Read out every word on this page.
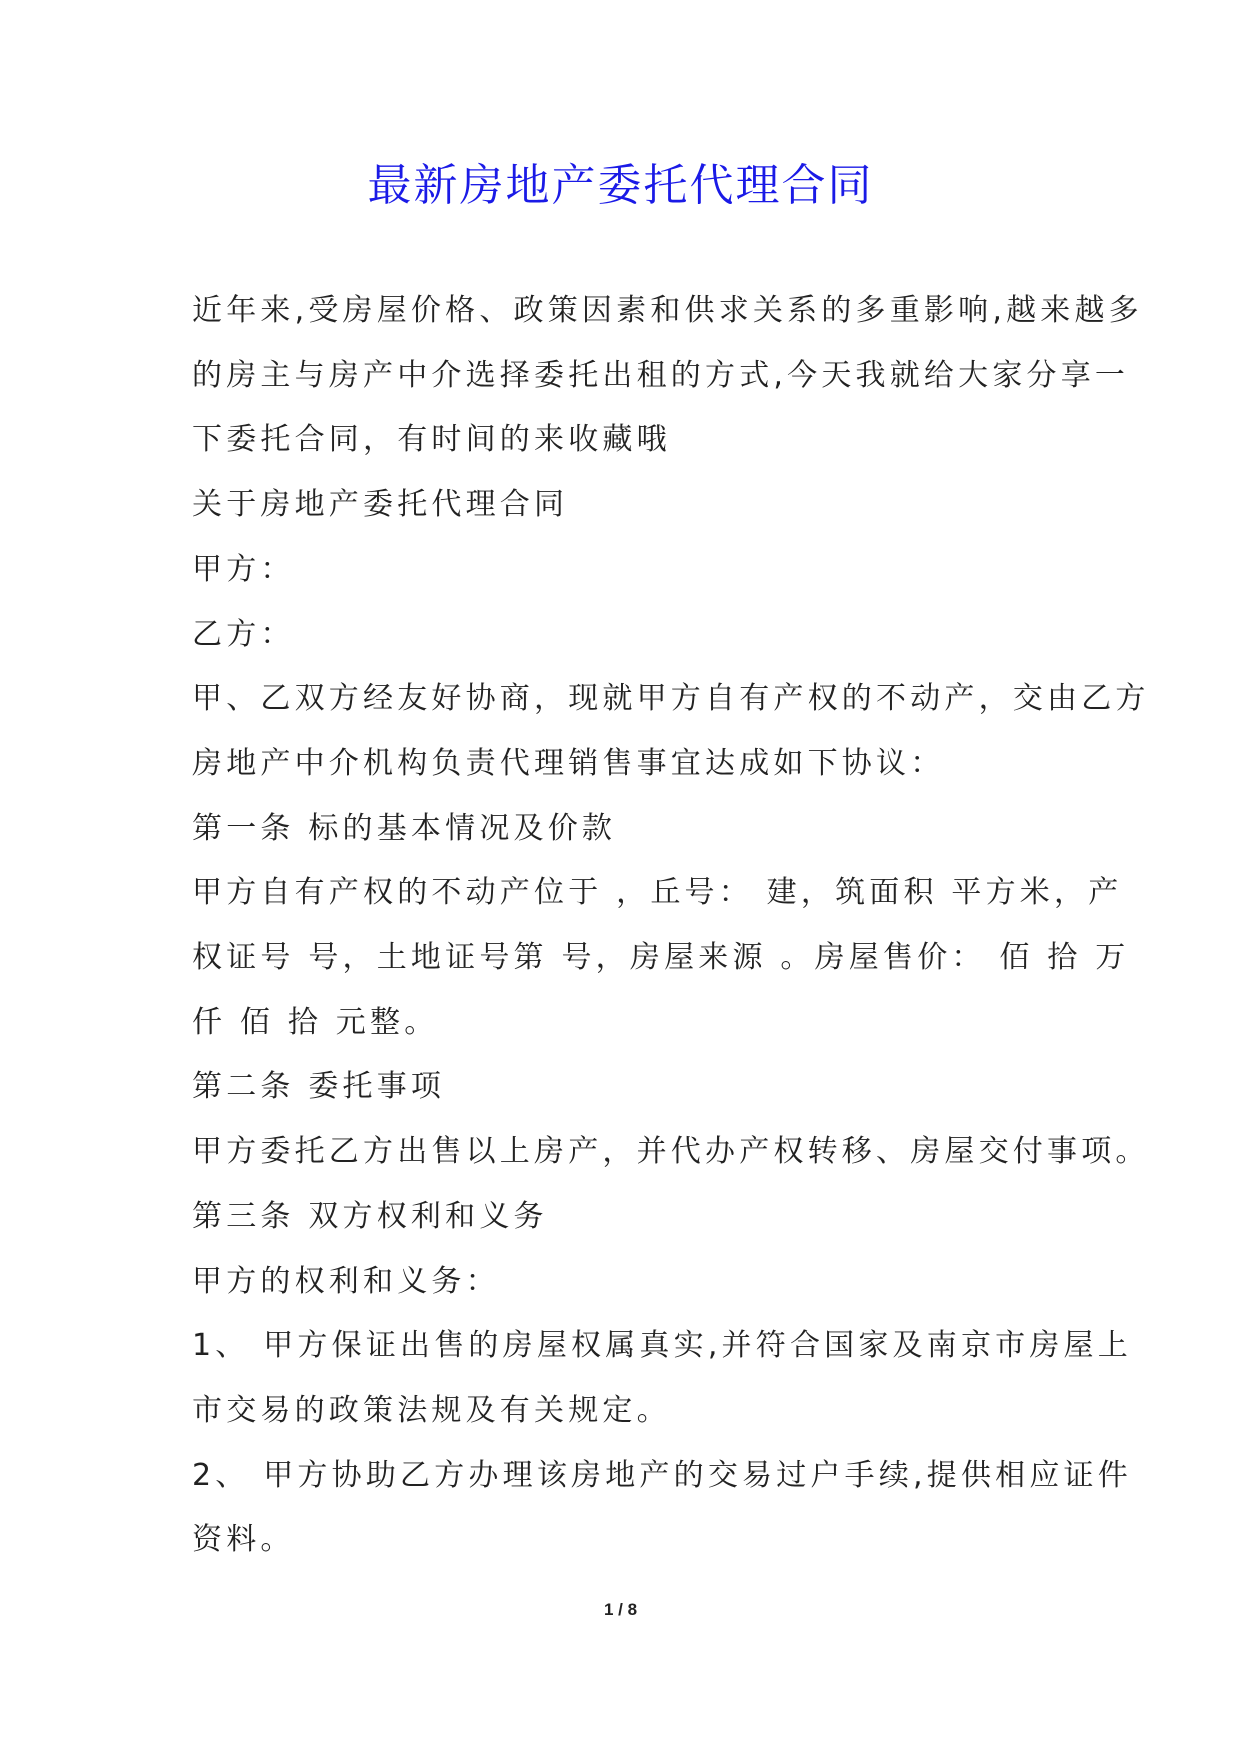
最新房地产委托代理合同

近年来,受房屋价格、政策因素和供求关系的多重影响,越来越多

的房主与房产中介选择委托出租的方式,今天我就给大家分享一

下委托合同，有时间的来收藏哦

关于房地产委托代理合同

甲方：

乙方：

甲、乙双方经友好协商，现就甲方自有产权的不动产，交由乙方

房地产中介机构负责代理销售事宜达成如下协议：

第一条 标的基本情况及价款

甲方自有产权的不动产位于 ，丘号： 建，筑面积 平方米，产

权证号 号，土地证号第 号，房屋来源 。房屋售价： 佰 拾 万

仟 佰 拾 元整。

第二条 委托事项

甲方委托乙方出售以上房产，并代办产权转移、房屋交付事项。

第三条 双方权利和义务

甲方的权利和义务：

1、 甲方保证出售的房屋权属真实,并符合国家及南京市房屋上

市交易的政策法规及有关规定。

2、 甲方协助乙方办理该房地产的交易过户手续,提供相应证件

资料。

1 / 8
